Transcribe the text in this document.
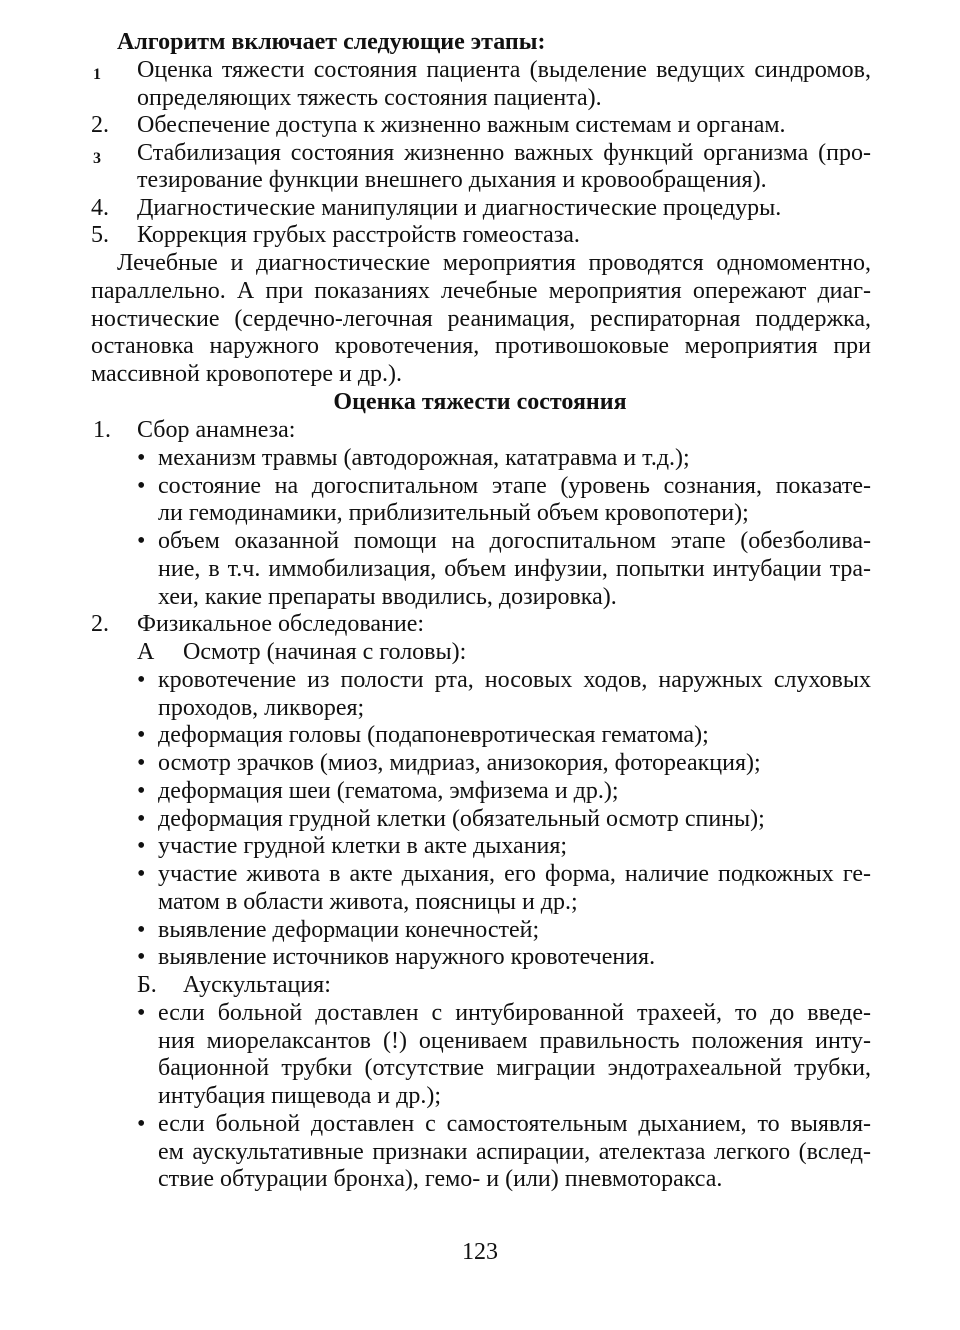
Алгоритм включает следующие этапы:
1 Оценка тяжести состояния пациента (выделение ведущих синдромов,
определяющих тяжесть состояния пациента).
2. Обеспечение доступа к жизненно важным системам и органам.
3 Стабилизация состояния жизненно важных функций организма (про-
тезирование функции внешнего дыхания и кровообращения).
4. Диагностические манипуляции и диагностические процедуры.
5. Коррекция грубых расстройств гомеостаза.
Лечебные и диагностические мероприятия проводятся одномоментно,
параллельно. А при показаниях лечебные мероприятия опережают диаг-
ностические (сердечно-легочная реанимация, респираторная поддержка,
остановка наружного кровотечения, противошоковые мероприятия при
массивной кровопотере и др.).
Оценка тяжести состояния
1. Сбор анамнеза:
• механизм травмы (автодорожная, кататравма и т.д.);
• состояние на догоспитальном этапе (уровень сознания, показате-
ли гемодинамики, приблизительный объем кровопотери);
• объем оказанной помощи на догоспитальном этапе (обезболива-
ние, в т.ч. иммобилизация, объем инфузии, попытки интубации тра-
хеи, какие препараты вводились, дозировка).
2. Физикальное обследование:
А Осмотр (начиная с головы):
• кровотечение из полости рта, носовых ходов, наружных слуховых
проходов, ликворея;
• деформация головы (подапоневротическая гематома);
• осмотр зрачков (миоз, мидриаз, анизокория, фотореакция);
• деформация шеи (гематома, эмфизема и др.);
• деформация грудной клетки (обязательный осмотр спины);
• участие грудной клетки в акте дыхания;
• участие живота в акте дыхания, его форма, наличие подкожных ге-
матом в области живота, поясницы и др.;
• выявление деформации конечностей;
• выявление источников наружного кровотечения.
Б. Аускультация:
• если больной доставлен с интубированной трахеей, то до введе-
ния миорелаксантов (!) оцениваем правильность положения инту-
бационной трубки (отсутствие миграции эндотрахеальной трубки,
интубация пищевода и др.);
• если больной доставлен с самостоятельным дыханием, то выявля-
ем аускультативные признаки аспирации, ателектаза легкого (вслед-
ствие обтурации бронха), гемо- и (или) пневмоторакса.
123
